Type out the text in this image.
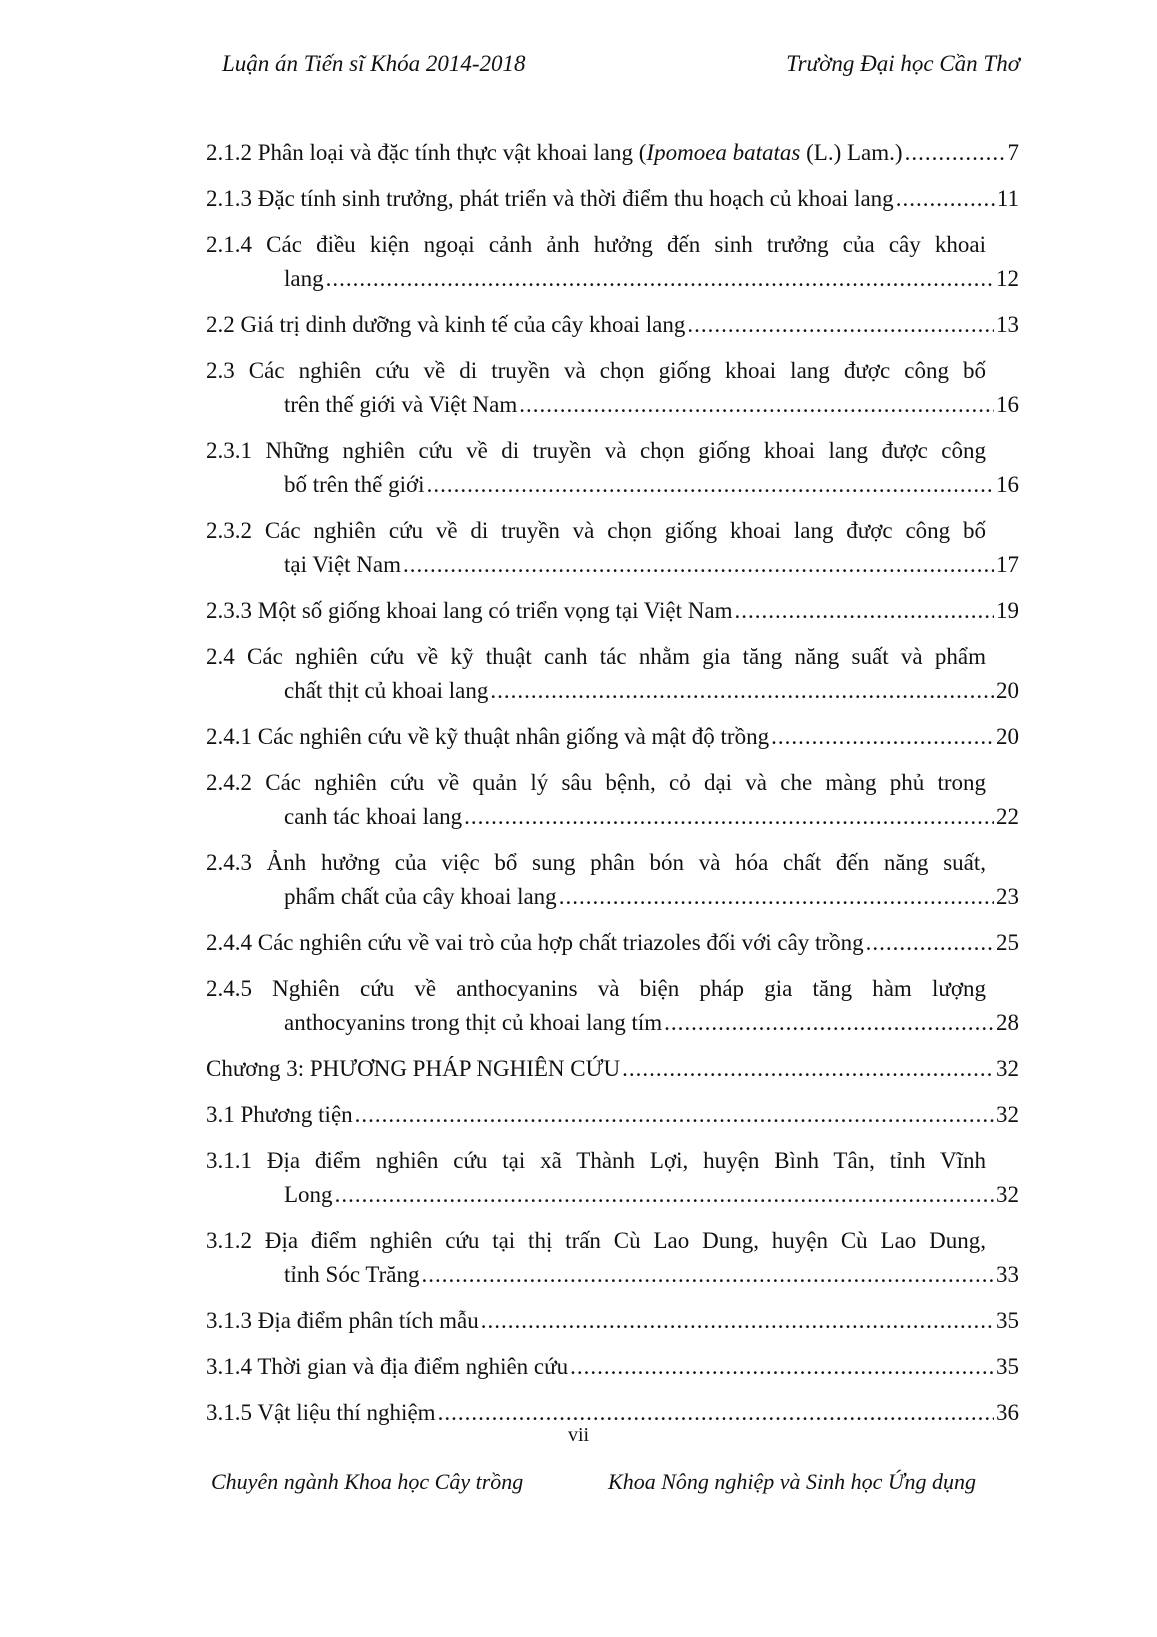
Luận án Tiến sĩ Khóa 2014-2018	Trường Đại học Cần Thơ
2.1.2 Phân loại và đặc tính thực vật khoai lang (Ipomoea batatas (L.) Lam.) .....	7
2.1.3 Đặc tính sinh trưởng, phát triển và thời điểm thu hoạch củ khoai lang .....	11
2.1.4 Các điều kiện ngoại cảnh ảnh hưởng đến sinh trưởng của cây khoai
lang .....	12
2.2 Giá trị dinh dưỡng và kinh tế của cây khoai lang .....	13
2.3 Các nghiên cứu về di truyền và chọn giống khoai lang được công bố
trên thế giới và Việt Nam .....	16
2.3.1 Những nghiên cứu về di truyền và chọn giống khoai lang được công
bố trên thế giới .....	16
2.3.2 Các nghiên cứu về di truyền và chọn giống khoai lang được công bố
tại Việt Nam .....	17
2.3.3 Một số giống khoai lang có triển vọng tại Việt Nam .....	19
2.4 Các nghiên cứu về kỹ thuật canh tác nhằm gia tăng năng suất và phẩm
chất thịt củ khoai lang .....	20
2.4.1 Các nghiên cứu về kỹ thuật nhân giống và mật độ trồng .....	20
2.4.2 Các nghiên cứu về quản lý sâu bệnh, cỏ dại và che màng phủ trong
canh tác khoai lang .....	22
2.4.3 Ảnh hưởng của việc bổ sung phân bón và hóa chất đến năng suất,
phẩm chất của cây khoai lang .....	23
2.4.4 Các nghiên cứu về vai trò của hợp chất triazoles đối với cây trồng .....	25
2.4.5 Nghiên cứu về anthocyanins và biện pháp gia tăng hàm lượng
anthocyanins trong thịt củ khoai lang tím .....	28
Chương 3: PHƯƠNG PHÁP NGHIÊN CỨU .....	32
3.1 Phương tiện .....	32
3.1.1 Địa điểm nghiên cứu tại xã Thành Lợi, huyện Bình Tân, tỉnh Vĩnh
Long .....	32
3.1.2 Địa điểm nghiên cứu tại thị trấn Cù Lao Dung, huyện Cù Lao Dung,
tỉnh Sóc Trăng .....	33
3.1.3 Địa điểm phân tích mẫu .....	35
3.1.4 Thời gian và địa điểm nghiên cứu .....	35
3.1.5 Vật liệu thí nghiệm .....	36
vii
Chuyên ngành Khoa học Cây trồng	Khoa Nông nghiệp và Sinh học Ứng dụng
